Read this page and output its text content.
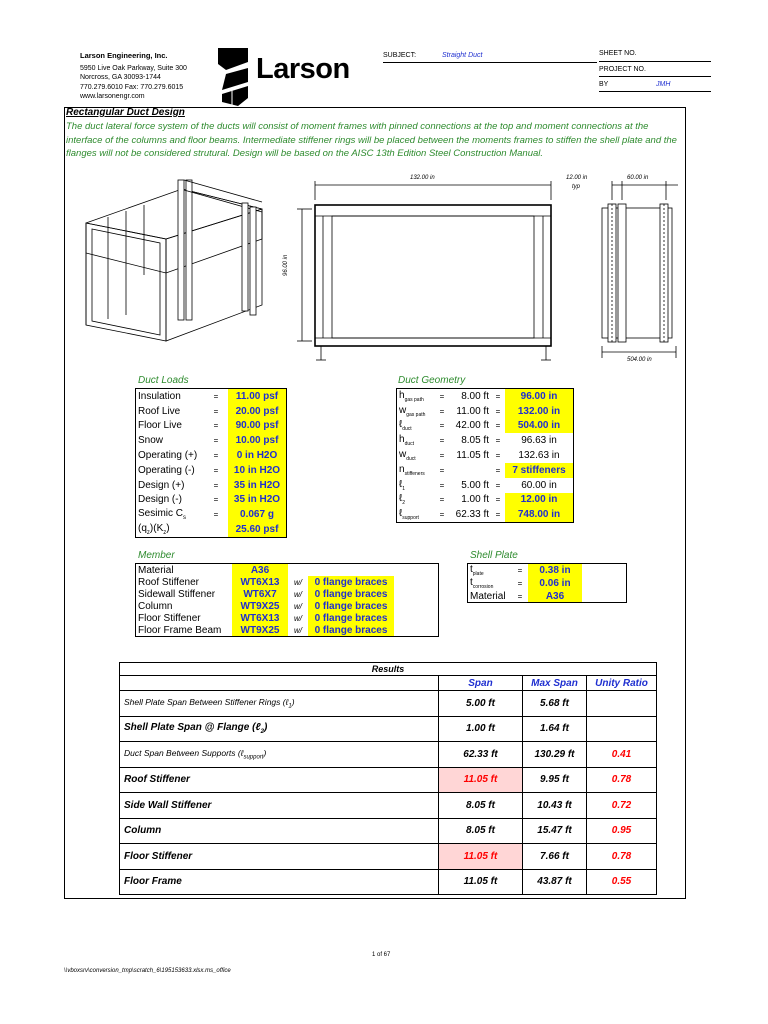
Larson Engineering, Inc.
5950 Live Oak Parkway, Suite 300
Norcross, GA 30093-1744
770.279.6010 Fax: 770.279.6015
www.larsonengr.com
Larson	SUBJECT:	Straight Duct	SHEET NO.
PROJECT NO.
BY	JMH
Rectangular Duct Design
The duct lateral force system of the ducts will consist of moment frames with pinned connections at the top and moment connections at the interface of the columns and floor beams. Intermediate stiffener rings will be placed between the moments frames to stiffen the shell plate and the flanges will not be considered strutural. Design will be based on the AISC 13th Edition Steel Construction Manual.
132.00 in
96.00 in
12.00 in
typ
60.00 in
504.00 in
Duct Loads
Insulation	=	11.00 psf
Roof Live	=	20.00 psf
Floor Live	=	90.00 psf
Snow	=	10.00 psf
Operating (+)	=	0 in H2O
Operating (-)	=	10 in H2O
Design (+)	=	35 in H2O
Design (-)	=	35 in H2O
Sesimic $C_s$	=	0.067 g
$(q_z)(K_z)$		25.60 psf
Duct Geometry
$h_{gas path}$	=	8.00 ft	=	96.00 in
$w_{gas path}$	=	11.00 ft	=	132.00 in
ℓ$_{duct}$	=	42.00 ft	=	504.00 in
$h_{duct}$	=	8.05 ft	=	96.63 in
$w_{duct}$	=	11.05 ft	=	132.63 in
$n_{stiffeners}$	=		=	7 stiffeners
ℓ$_1$	=	5.00 ft	=	60.00 in
ℓ$_2$	=	1.00 ft	=	12.00 in
ℓ$_{support}$	=	62.33 ft	=	748.00 in
Member
Material	A36			
Roof Stiffener	WT6X13	w/	0 flange braces	
Sidewall Stiffener	WT6X7	w/	0 flange braces	
Column	WT9X25	w/	0 flange braces	
Floor Stiffener	WT6X13	w/	0 flange braces	
Floor Frame Beam	WT9X25	w/	0 flange braces	
Shell Plate
$t_{plate}$	=	0.38 in	
$t_{corrosion}$	=	0.06 in	
Material	=	A36	
Results			
	Span	Max Span	Unity Ratio
Shell Plate Span Between Stiffener Rings (ℓ$_1$)	5.00 ft	5.68 ft	
Shell Plate Span @ Flange (ℓ$_2$)	1.00 ft	1.64 ft	
Duct Span Between Supports (ℓ$_{support}$)	62.33 ft	130.29 ft	0.41
Roof Stiffener	11.05 ft	9.95 ft	0.78
Side Wall Stiffener	8.05 ft	10.43 ft	0.72
Column	8.05 ft	15.47 ft	0.95
Floor Stiffener	11.05 ft	7.66 ft	0.78
Floor Frame	11.05 ft	43.87 ft	0.55
1 of 67
\\vboxsrv\conversion_tmp\scratch_6\195153633.xlsx.ms_office
